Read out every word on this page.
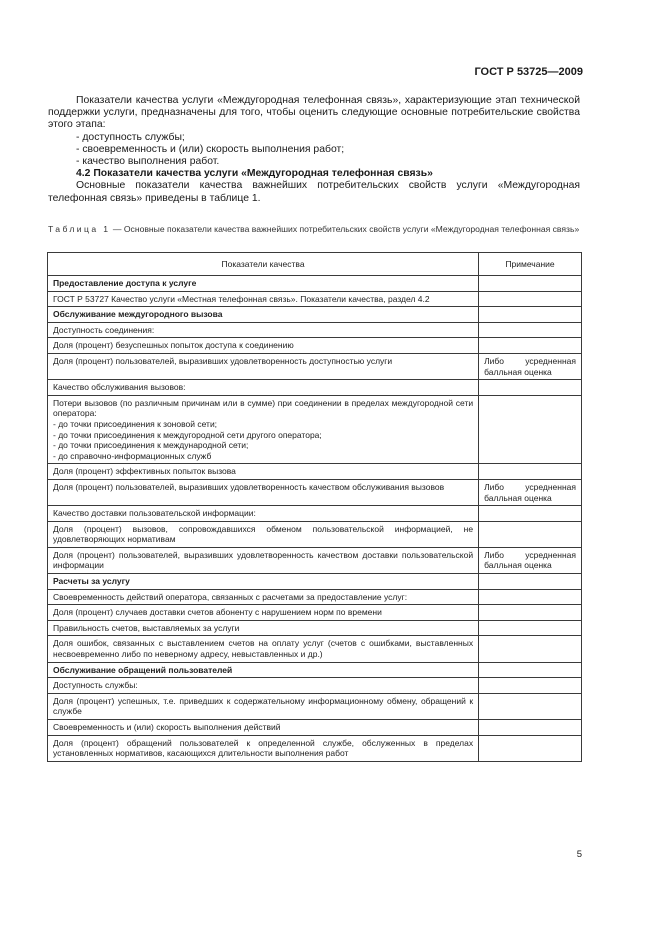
ГОСТ Р 53725—2009

Показатели качества услуги «Междугородная телефонная связь», характеризующие этап технической поддержки услуги, предназначены для того, чтобы оценить следующие основные потребительские свойства этого этапа:

- доступность службы;

- своевременность и (или) скорость выполнения работ;

- качество выполнения работ.

4.2 Показатели качества услуги «Междугородная телефонная связь»

Основные показатели качества важнейших потребительских свойств услуги «Междугородная телефонная связь» приведены в таблице 1.

Таблица 1 — Основные показатели качества важнейших потребительских свойств услуги «Междугородная телефонная связь»
Показатели качества	Примечание
Предоставление доступа к услуге	
ГОСТ Р 53727 Качество услуги «Местная телефонная связь». Показатели качества, раздел 4.2	
Обслуживание междугородного вызова	
Доступность соединения:	
Доля (процент) безуспешных попыток доступа к соединению	
Доля (процент) пользователей, выразивших удовлетворенность доступностью услуги	Либо усредненная балльная оценка
Качество обслуживания вызовов:	

Потери вызовов (по различным причинам или в сумме) при соединении в пределах междугородной сети оператора:
- до точки присоединения к зоновой сети;
- до точки присоединения к междугородной сети другого оператора;
- до точки присоединения к международной сети;
- до справочно-информационных служб	

Доля (процент) эффективных попыток вызова	
Доля (процент) пользователей, выразивших удовлетворенность качеством обслуживания вызовов	Либо усредненная балльная оценка
Качество доставки пользовательской информации:	
Доля (процент) вызовов, сопровождавшихся обменом пользовательской информацией, не удовлетворяющих нормативам	
Доля (процент) пользователей, выразивших удовлетворенность качеством доставки пользовательской информации	Либо усредненная балльная оценка
Расчеты за услугу	
Своевременность действий оператора, связанных с расчетами за предоставление услуг:	
Доля (процент) случаев доставки счетов абоненту с нарушением норм по времени	
Правильность счетов, выставляемых за услуги	
Доля ошибок, связанных с выставлением счетов на оплату услуг (счетов с ошибками, выставленных несвоевременно либо по неверному адресу, невыставленных и др.)	
Обслуживание обращений пользователей	
Доступность службы:	
Доля (процент) успешных, т.е. приведших к содержательному информационному обмену, обращений к службе	
Своевременность и (или) скорость выполнения действий	
Доля (процент) обращений пользователей к определенной службе, обслуженных в пределах установленных нормативов, касающихся длительности выполнения работ	
5
